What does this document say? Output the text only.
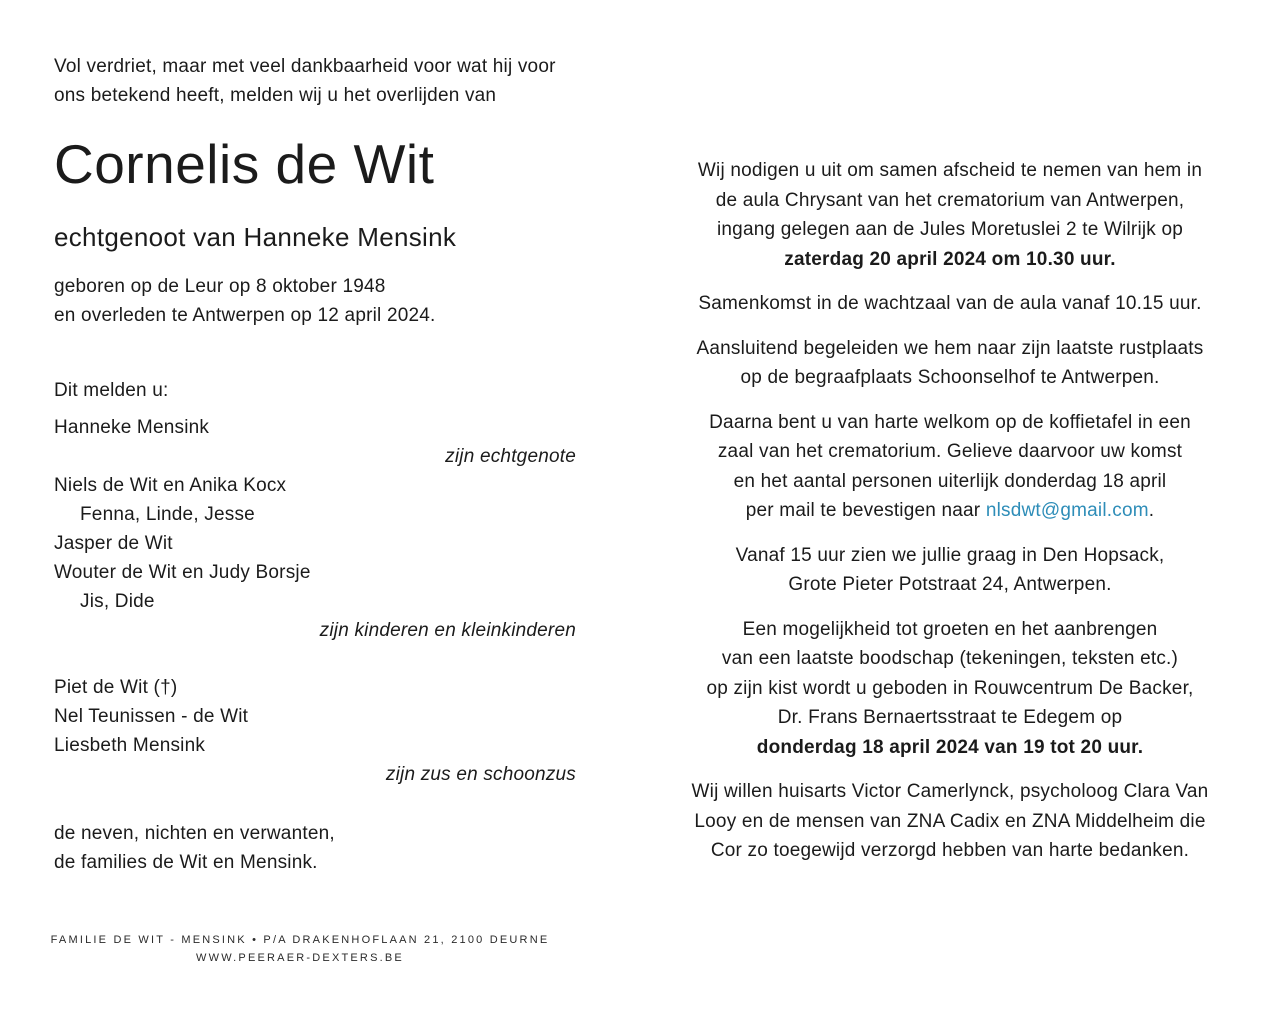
Vol verdriet, maar met veel dankbaarheid voor wat hij voor
ons betekend heeft, melden wij u het overlijden van
Cornelis de Wit
echtgenoot van Hanneke Mensink
geboren op de Leur op 8 oktober 1948
en overleden te Antwerpen op 12 april 2024.
Dit melden u:
Hanneke Mensink
zijn echtgenote
Niels de Wit en Anika Kocx
Fenna, Linde, Jesse
Jasper de Wit
Wouter de Wit en Judy Borsje
Jis, Dide
zijn kinderen en kleinkinderen
Piet de Wit (†)
Nel Teunissen - de Wit
Liesbeth Mensink
zijn zus en schoonzus
de neven, nichten en verwanten,
de families de Wit en Mensink.
FAMILIE DE WIT - MENSINK • P/A DRAKENHOFLAAN 21, 2100 DEURNE
WWW.PEERAER-DEXTERS.BE
Wij nodigen u uit om samen afscheid te nemen van hem in
de aula Chrysant van het crematorium van Antwerpen,
ingang gelegen aan de Jules Moretuslei 2 te Wilrijk op
zaterdag 20 april 2024 om 10.30 uur.
Samenkomst in de wachtzaal van de aula vanaf 10.15 uur.
Aansluitend begeleiden we hem naar zijn laatste rustplaats
op de begraafplaats Schoonselhof te Antwerpen.
Daarna bent u van harte welkom op de koffietafel in een
zaal van het crematorium. Gelieve daarvoor uw komst
en het aantal personen uiterlijk donderdag 18 april
per mail te bevestigen naar nlsdwt@gmail.com.
Vanaf 15 uur zien we jullie graag in Den Hopsack,
Grote Pieter Potstraat 24, Antwerpen.
Een mogelijkheid tot groeten en het aanbrengen
van een laatste boodschap (tekeningen, teksten etc.)
op zijn kist wordt u geboden in Rouwcentrum De Backer,
Dr. Frans Bernaertsstraat te Edegem op
donderdag 18 april 2024 van 19 tot 20 uur.
Wij willen huisarts Victor Camerlynck, psycholoog Clara Van
Looy en de mensen van ZNA Cadix en ZNA Middelheim die
Cor zo toegewijd verzorgd hebben van harte bedanken.
